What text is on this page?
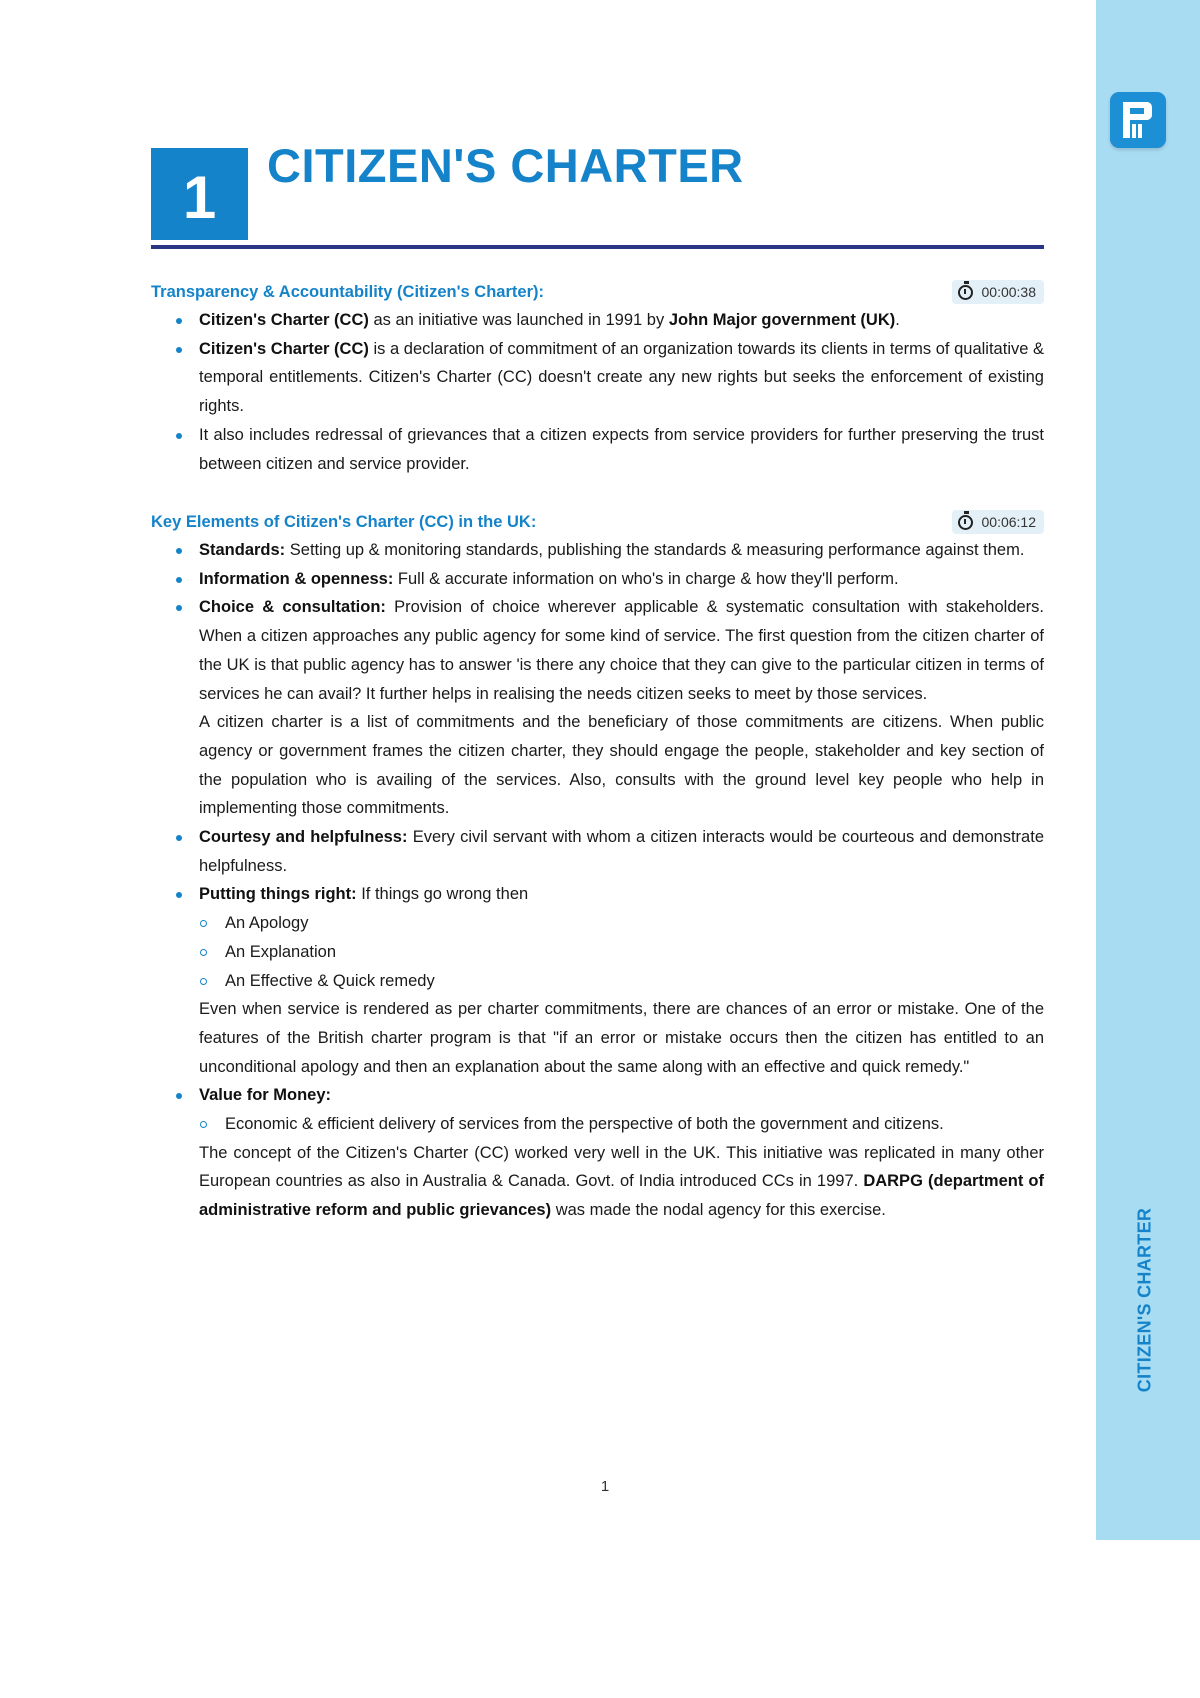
CITIZEN'S CHARTER
1	CITIZEN'S CHARTER
Transparency & Accountability (Citizen's Charter):	00:00:38
Citizen's Charter (CC) as an initiative was launched in 1991 by John Major government (UK).
Citizen's Charter (CC) is a declaration of commitment of an organization towards its clients in terms of qualitative & temporal entitlements. Citizen's Charter (CC) doesn't create any new rights but seeks the enforcement of existing rights.
It also includes redressal of grievances that a citizen expects from service providers for further preserving the trust between citizen and service provider.
Key Elements of Citizen's Charter (CC) in the UK:	00:06:12
Standards: Setting up & monitoring standards, publishing the standards & measuring performance against them.
Information & openness: Full & accurate information on who's in charge & how they'll perform.
Choice & consultation: Provision of choice wherever applicable & systematic consultation with stakeholders. When a citizen approaches any public agency for some kind of service. The first question from the citizen charter of the UK is that public agency has to answer 'is there any choice that they can give to the particular citizen in terms of services he can avail? It further helps in realising the needs citizen seeks to meet by those services.
A citizen charter is a list of commitments and the beneficiary of those commitments are citizens. When public agency or government frames the citizen charter, they should engage the people, stakeholder and key section of the population who is availing of the services. Also, consults with the ground level key people who help in implementing those commitments.
Courtesy and helpfulness: Every civil servant with whom a citizen interacts would be courteous and demonstrate helpfulness.
Putting things right: If things go wrong then
An Apology
An Explanation
An Effective & Quick remedy
Even when service is rendered as per charter commitments, there are chances of an error or mistake. One of the features of the British charter program is that "if an error or mistake occurs then the citizen has entitled to an unconditional apology and then an explanation about the same along with an effective and quick remedy."
Value for Money:
Economic & efficient delivery of services from the perspective of both the government and citizens.
The concept of the Citizen's Charter (CC) worked very well in the UK. This initiative was replicated in many other European countries as also in Australia & Canada. Govt. of India introduced CCs in 1997. DARPG (department of administrative reform and public grievances) was made the nodal agency for this exercise.
1
